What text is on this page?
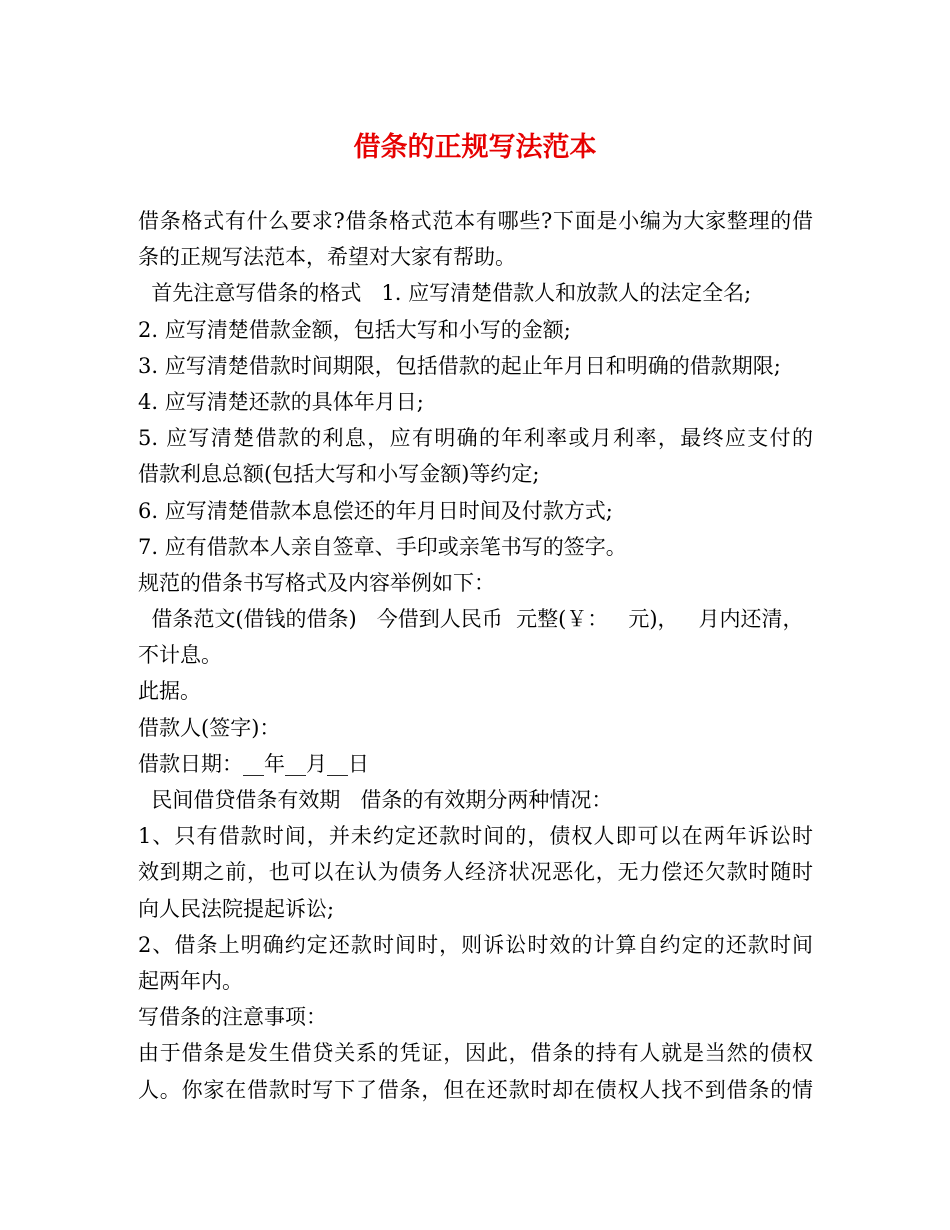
借条的正规写法范本

借条格式有什么要求?借条格式范本有哪些?下面是小编为大家整理的借

条的正规写法范本，希望对大家有帮助。

首先注意写借条的格式   1. 应写清楚借款人和放款人的法定全名;

2. 应写清楚借款金额，包括大写和小写的金额;

3. 应写清楚借款时间期限，包括借款的起止年月日和明确的借款期限;

4. 应写清楚还款的具体年月日;

5. 应写清楚借款的利息，应有明确的年利率或月利率，最终应支付的

借款利息总额(包括大写和小写金额)等约定;

6. 应写清楚借款本息偿还的年月日时间及付款方式;

7. 应有借款本人亲自签章、手印或亲笔书写的签字。

规范的借条书写格式及内容举例如下：

借条范文(借钱的借条)   今借到人民币  元整(￥：   元)，   月内还清，

不计息。

此据。

借款人(签字)：

借款日期：__年__月__日

民间借贷借条有效期   借条的有效期分两种情况：

1、只有借款时间，并未约定还款时间的，债权人即可以在两年诉讼时

效到期之前，也可以在认为债务人经济状况恶化，无力偿还欠款时随时

向人民法院提起诉讼;

2、借条上明确约定还款时间时，则诉讼时效的计算自约定的还款时间

起两年内。

写借条的注意事项：

由于借条是发生借贷关系的凭证，因此，借条的持有人就是当然的债权

人。你家在借款时写下了借条，但在还款时却在债权人找不到借条的情
